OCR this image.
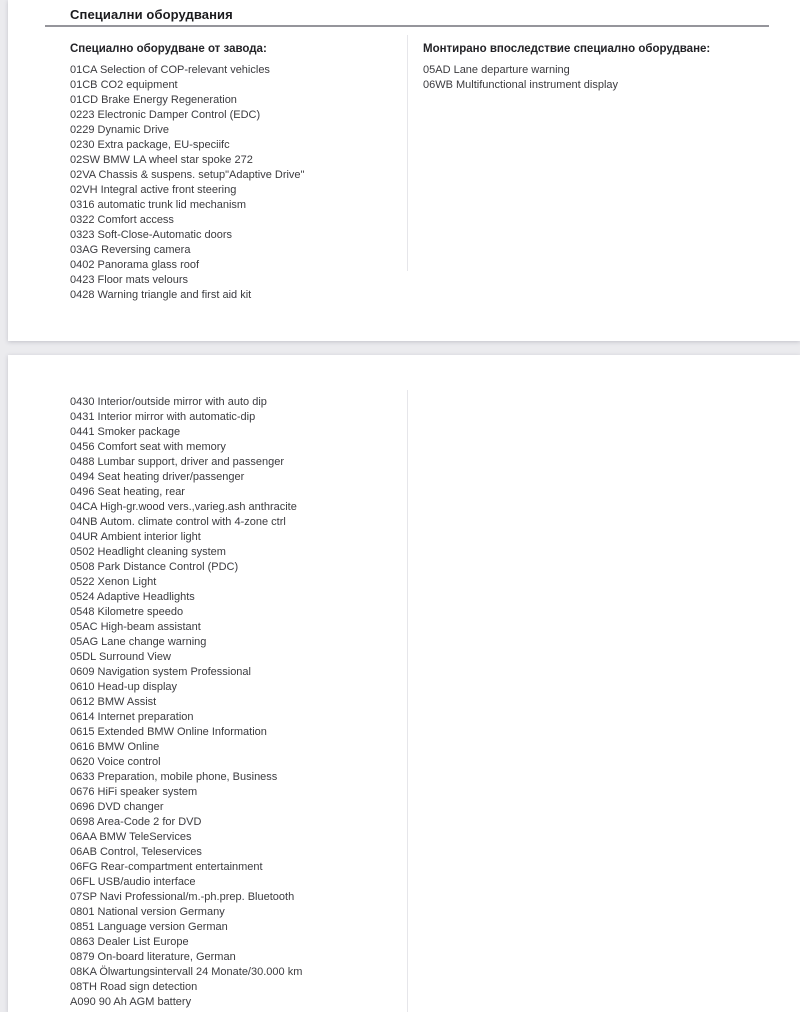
Специални оборудвания
Специално оборудване от завода:
01CA Selection of COP-relevant vehicles
01CB CO2 equipment
01CD Brake Energy Regeneration
0223 Electronic Damper Control (EDC)
0229 Dynamic Drive
0230 Extra package, EU-speciifc
02SW BMW LA wheel star spoke 272
02VA Chassis & suspens. setup"Adaptive Drive"
02VH Integral active front steering
0316 automatic trunk lid mechanism
0322 Comfort access
0323 Soft-Close-Automatic doors
03AG Reversing camera
0402 Panorama glass roof
0423 Floor mats velours
0428 Warning triangle and first aid kit
Монтирано впоследствие специално оборудване:
05AD Lane departure warning
06WB Multifunctional instrument display
0430 Interior/outside mirror with auto dip
0431 Interior mirror with automatic-dip
0441 Smoker package
0456 Comfort seat with memory
0488 Lumbar support, driver and passenger
0494 Seat heating driver/passenger
0496 Seat heating, rear
04CA High-gr.wood vers.,varieg.ash anthracite
04NB Autom. climate control with 4-zone ctrl
04UR Ambient interior light
0502 Headlight cleaning system
0508 Park Distance Control (PDC)
0522 Xenon Light
0524 Adaptive Headlights
0548 Kilometre speedo
05AC High-beam assistant
05AG Lane change warning
05DL Surround View
0609 Navigation system Professional
0610 Head-up display
0612 BMW Assist
0614 Internet preparation
0615 Extended BMW Online Information
0616 BMW Online
0620 Voice control
0633 Preparation, mobile phone, Business
0676 HiFi speaker system
0696 DVD changer
0698 Area-Code 2 for DVD
06AA BMW TeleServices
06AB Control, Teleservices
06FG Rear-compartment entertainment
06FL USB/audio interface
07SP Navi Professional/m.-ph.prep. Bluetooth
0801 National version Germany
0851 Language version German
0863 Dealer List Europe
0879 On-board literature, German
08KA Ölwartungsintervall 24 Monate/30.000 km
08TH Road sign detection
A090 90 Ah AGM battery
